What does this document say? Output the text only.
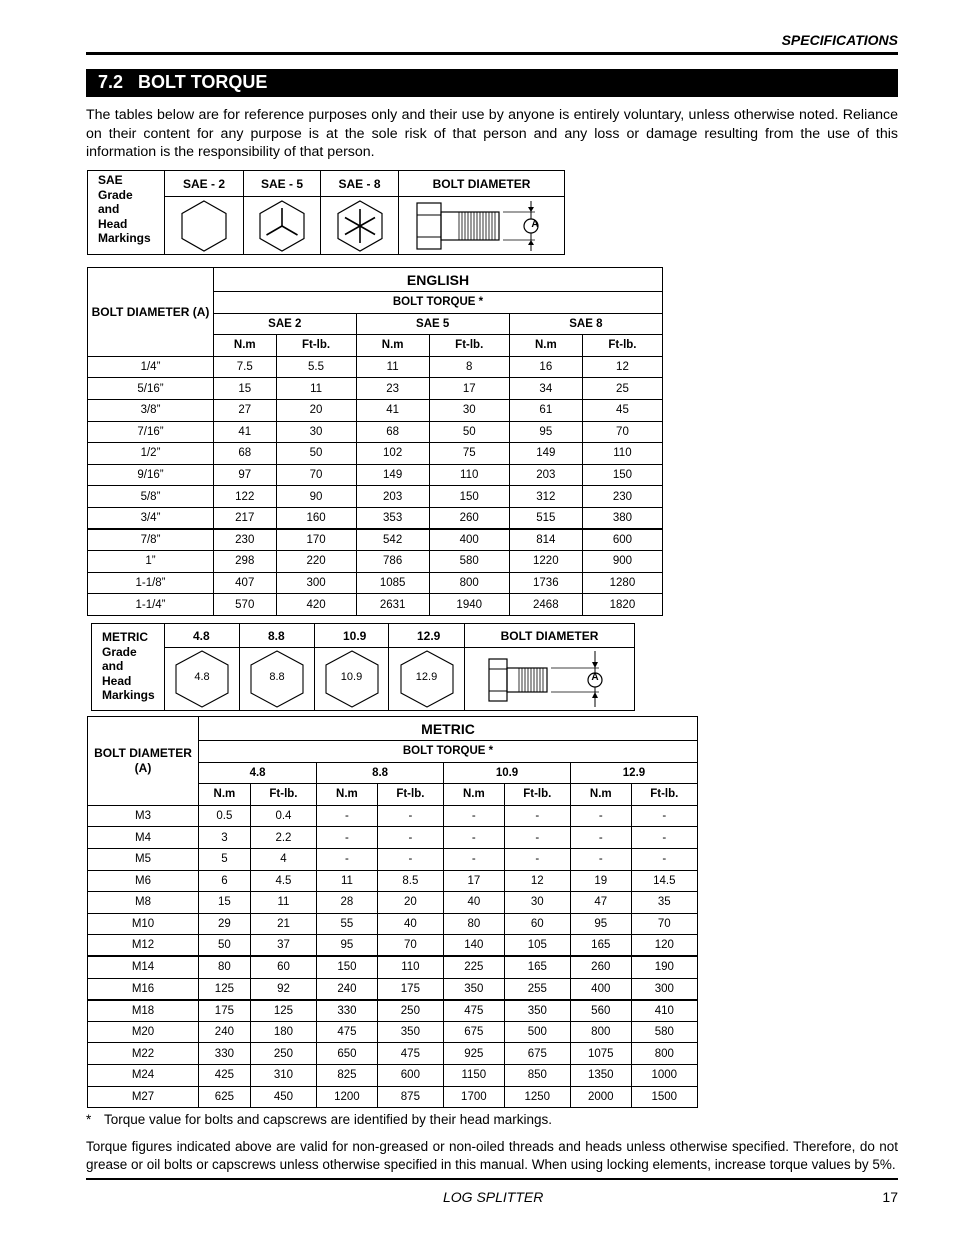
SPECIFICATIONS
7.2 BOLT TORQUE

The tables below are for reference purposes only and their use by anyone is entirely voluntary, unless otherwise noted. Reliance on their content for any purpose is at the sole risk of that person and any loss or damage resulting from the use of this information is the responsibility of that person.

SAE
Grade
and
Head
Markings	SAE - 2	SAE - 5	SAE - 8	BOLT DIAMETER

A
BOLT DIAMETER (A)	ENGLISH					
	BOLT TORQUE *					
	SAE 2		SAE 5		SAE 8	
	N.m	Ft-lb.	N.m	Ft-lb.	N.m	Ft-lb.
1/4”	7.5	5.5	11	8	16	12
5/16”	15	11	23	17	34	25
3/8”	27	20	41	30	61	45
7/16”	41	30	68	50	95	70
1/2”	68	50	102	75	149	110
9/16”	97	70	149	110	203	150
5/8”	122	90	203	150	312	230
3/4”	217	160	353	260	515	380
7/8”	230	170	542	400	814	600
1”	298	220	786	580	1220	900
1-1/8”	407	300	1085	800	1736	1280
1-1/4”	570	420	2631	1940	2468	1820
METRIC
Grade
and
Head
Markings	4.8	8.8	10.9	12.9	BOLT DIAMETER

	4.8	8.8	10.9	12.9	A
BOLT DIAMETER
(A)	METRIC							
	BOLT TORQUE *							
	4.8		8.8		10.9		12.9	
	N.m	Ft-lb.	N.m	Ft-lb.	N.m	Ft-lb.	N.m	Ft-lb.
M3	0.5	0.4	-	-	-	-	-	-
M4	3	2.2	-	-	-	-	-	-
M5	5	4	-	-	-	-	-	-
M6	6	4.5	11	8.5	17	12	19	14.5
M8	15	11	28	20	40	30	47	35
M10	29	21	55	40	80	60	95	70
M12	50	37	95	70	140	105	165	120
M14	80	60	150	110	225	165	260	190
M16	125	92	240	175	350	255	400	300
M18	175	125	330	250	475	350	560	410
M20	240	180	475	350	675	500	800	580
M22	330	250	650	475	925	675	1075	800
M24	425	310	825	600	1150	850	1350	1000
M27	625	450	1200	875	1700	1250	2000	1500
* Torque value for bolts and capscrews are identified by their head markings.

Torque figures indicated above are valid for non-greased or non-oiled threads and heads unless otherwise specified. Therefore, do not grease or oil bolts or capscrews unless otherwise specified in this manual. When using locking elements, increase torque values by 5%.

LOG SPLITTER	17
